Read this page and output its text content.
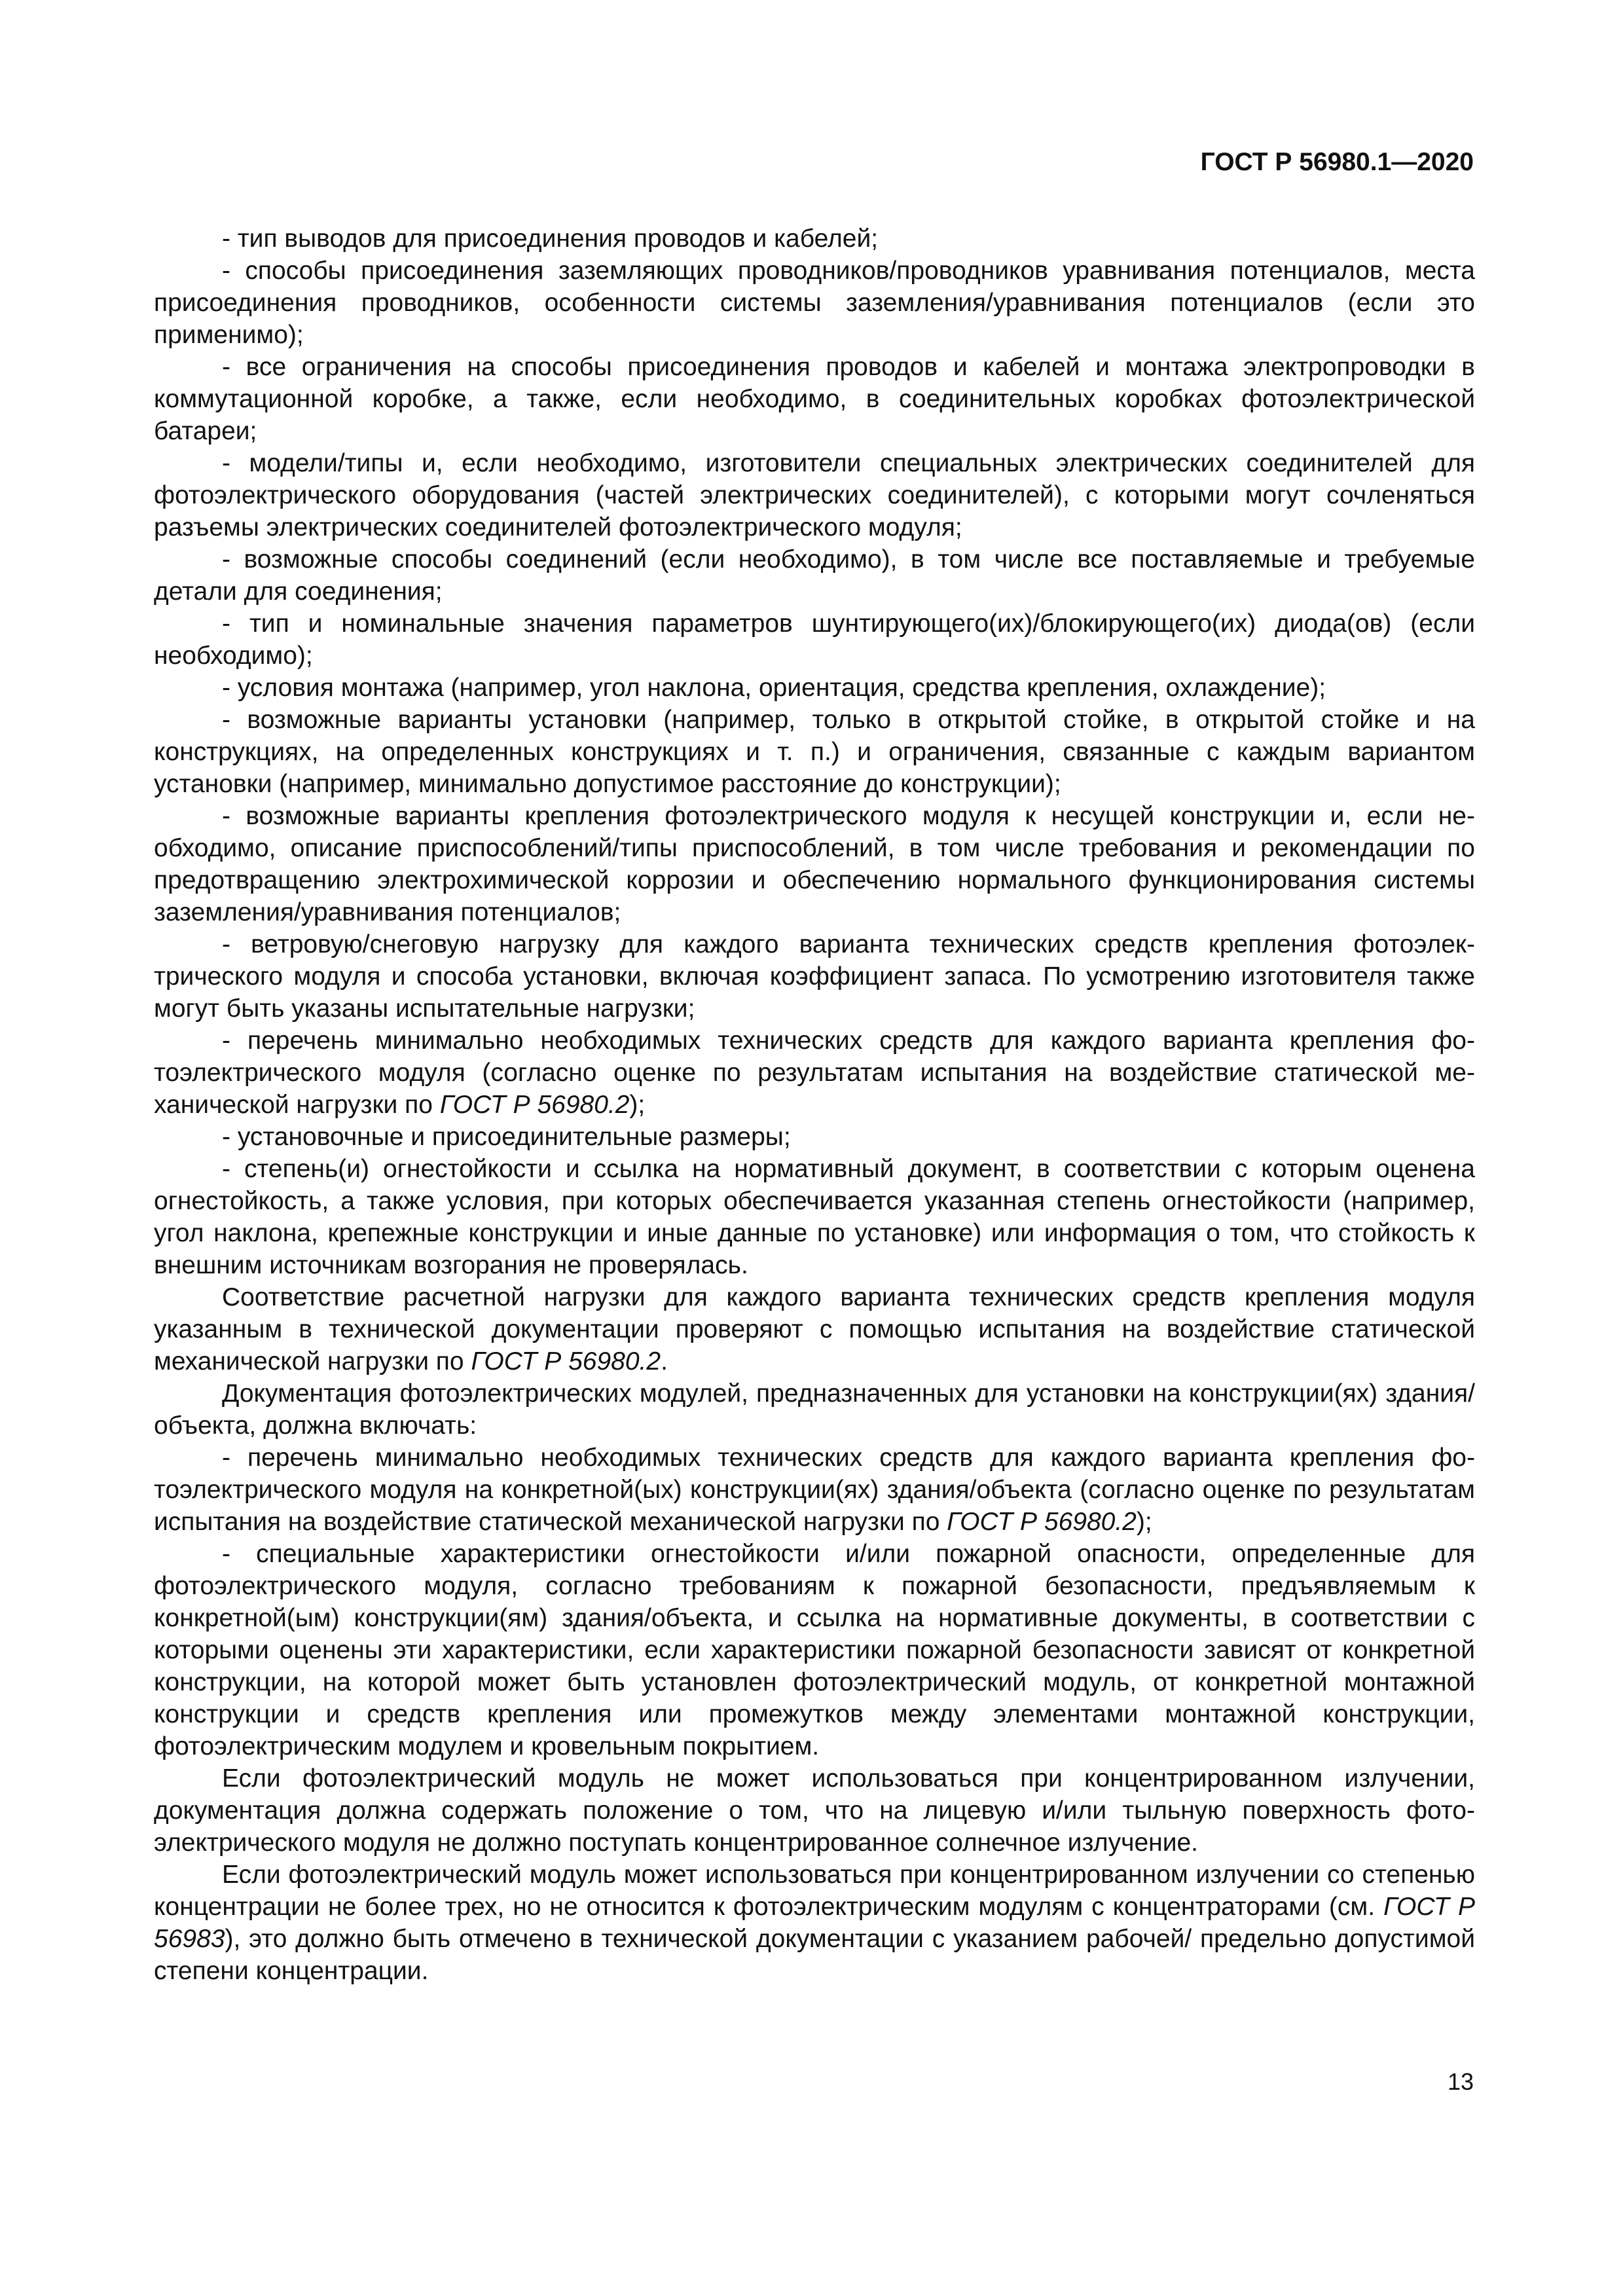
ГОСТ Р 56980.1—2020

- тип выводов для присоединения проводов и кабелей;

- способы присоединения заземляющих проводников/проводников уравнивания потенциалов, места присоединения проводников, особенности системы заземления/уравнивания потенциалов (если это применимо);

- все ограничения на способы присоединения проводов и кабелей и монтажа электропроводки в коммутационной коробке, а также, если необходимо, в соединительных коробках фотоэлектрической батареи;

- модели/типы и, если необходимо, изготовители специальных электрических соединителей для фотоэлектрического оборудования (частей электрических соединителей), с которыми могут сочленяться разъемы электрических соединителей фотоэлектрического модуля;

- возможные способы соединений (если необходимо), в том числе все поставляемые и требуемые детали для соединения;

- тип и номинальные значения параметров шунтирующего(их)/блокирующего(их) диода(ов) (если необходимо);

- условия монтажа (например, угол наклона, ориентация, средства крепления, охлаждение);

- возможные варианты установки (например, только в открытой стойке, в открытой стойке и на конструкциях, на определенных конструкциях и т. п.) и ограничения, связанные с каждым вариантом установки (например, минимально допустимое расстояние до конструкции);

- возможные варианты крепления фотоэлектрического модуля к несущей конструкции и, если необходимо, описание приспособлений/типы приспособлений, в том числе требования и рекомендации по предотвращению электрохимической коррозии и обеспечению нормального функционирования системы заземления/уравнивания потенциалов;

- ветровую/снеговую нагрузку для каждого варианта технических средств крепления фотоэлектрического модуля и способа установки, включая коэффициент запаса. По усмотрению изготовителя также могут быть указаны испытательные нагрузки;

- перечень минимально необходимых технических средств для каждого варианта крепления фотоэлектрического модуля (согласно оценке по результатам испытания на воздействие статической механической нагрузки по ГОСТ Р 56980.2);

- установочные и присоединительные размеры;

- степень(и) огнестойкости и ссылка на нормативный документ, в соответствии с которым оценена огнестойкость, а также условия, при которых обеспечивается указанная степень огнестойкости (например, угол наклона, крепежные конструкции и иные данные по установке) или информация о том, что стойкость к внешним источникам возгорания не проверялась.

Соответствие расчетной нагрузки для каждого варианта технических средств крепления модуля указанным в технической документации проверяют с помощью испытания на воздействие статической механической нагрузки по ГОСТ Р 56980.2.

Документация фотоэлектрических модулей, предназначенных для установки на конструкции(ях) здания/объекта, должна включать:

- перечень минимально необходимых технических средств для каждого варианта крепления фотоэлектрического модуля на конкретной(ых) конструкции(ях) здания/объекта (согласно оценке по результатам испытания на воздействие статической механической нагрузки по ГОСТ Р 56980.2);

- специальные характеристики огнестойкости и/или пожарной опасности, определенные для фотоэлектрического модуля, согласно требованиям к пожарной безопасности, предъявляемым к конкретной(ым) конструкции(ям) здания/объекта, и ссылка на нормативные документы, в соответствии с которыми оценены эти характеристики, если характеристики пожарной безопасности зависят от конкретной конструкции, на которой может быть установлен фотоэлектрический модуль, от конкретной монтажной конструкции и средств крепления или промежутков между элементами монтажной конструкции, фотоэлектрическим модулем и кровельным покрытием.

Если фотоэлектрический модуль не может использоваться при концентрированном излучении, документация должна содержать положение о том, что на лицевую и/или тыльную поверхность фотоэлектрического модуля не должно поступать концентрированное солнечное излучение.

Если фотоэлектрический модуль может использоваться при концентрированном излучении со степенью концентрации не более трех, но не относится к фотоэлектрическим модулям с концентраторами (см. ГОСТ Р 56983), это должно быть отмечено в технической документации с указанием рабочей/ предельно допустимой степени концентрации.

13
